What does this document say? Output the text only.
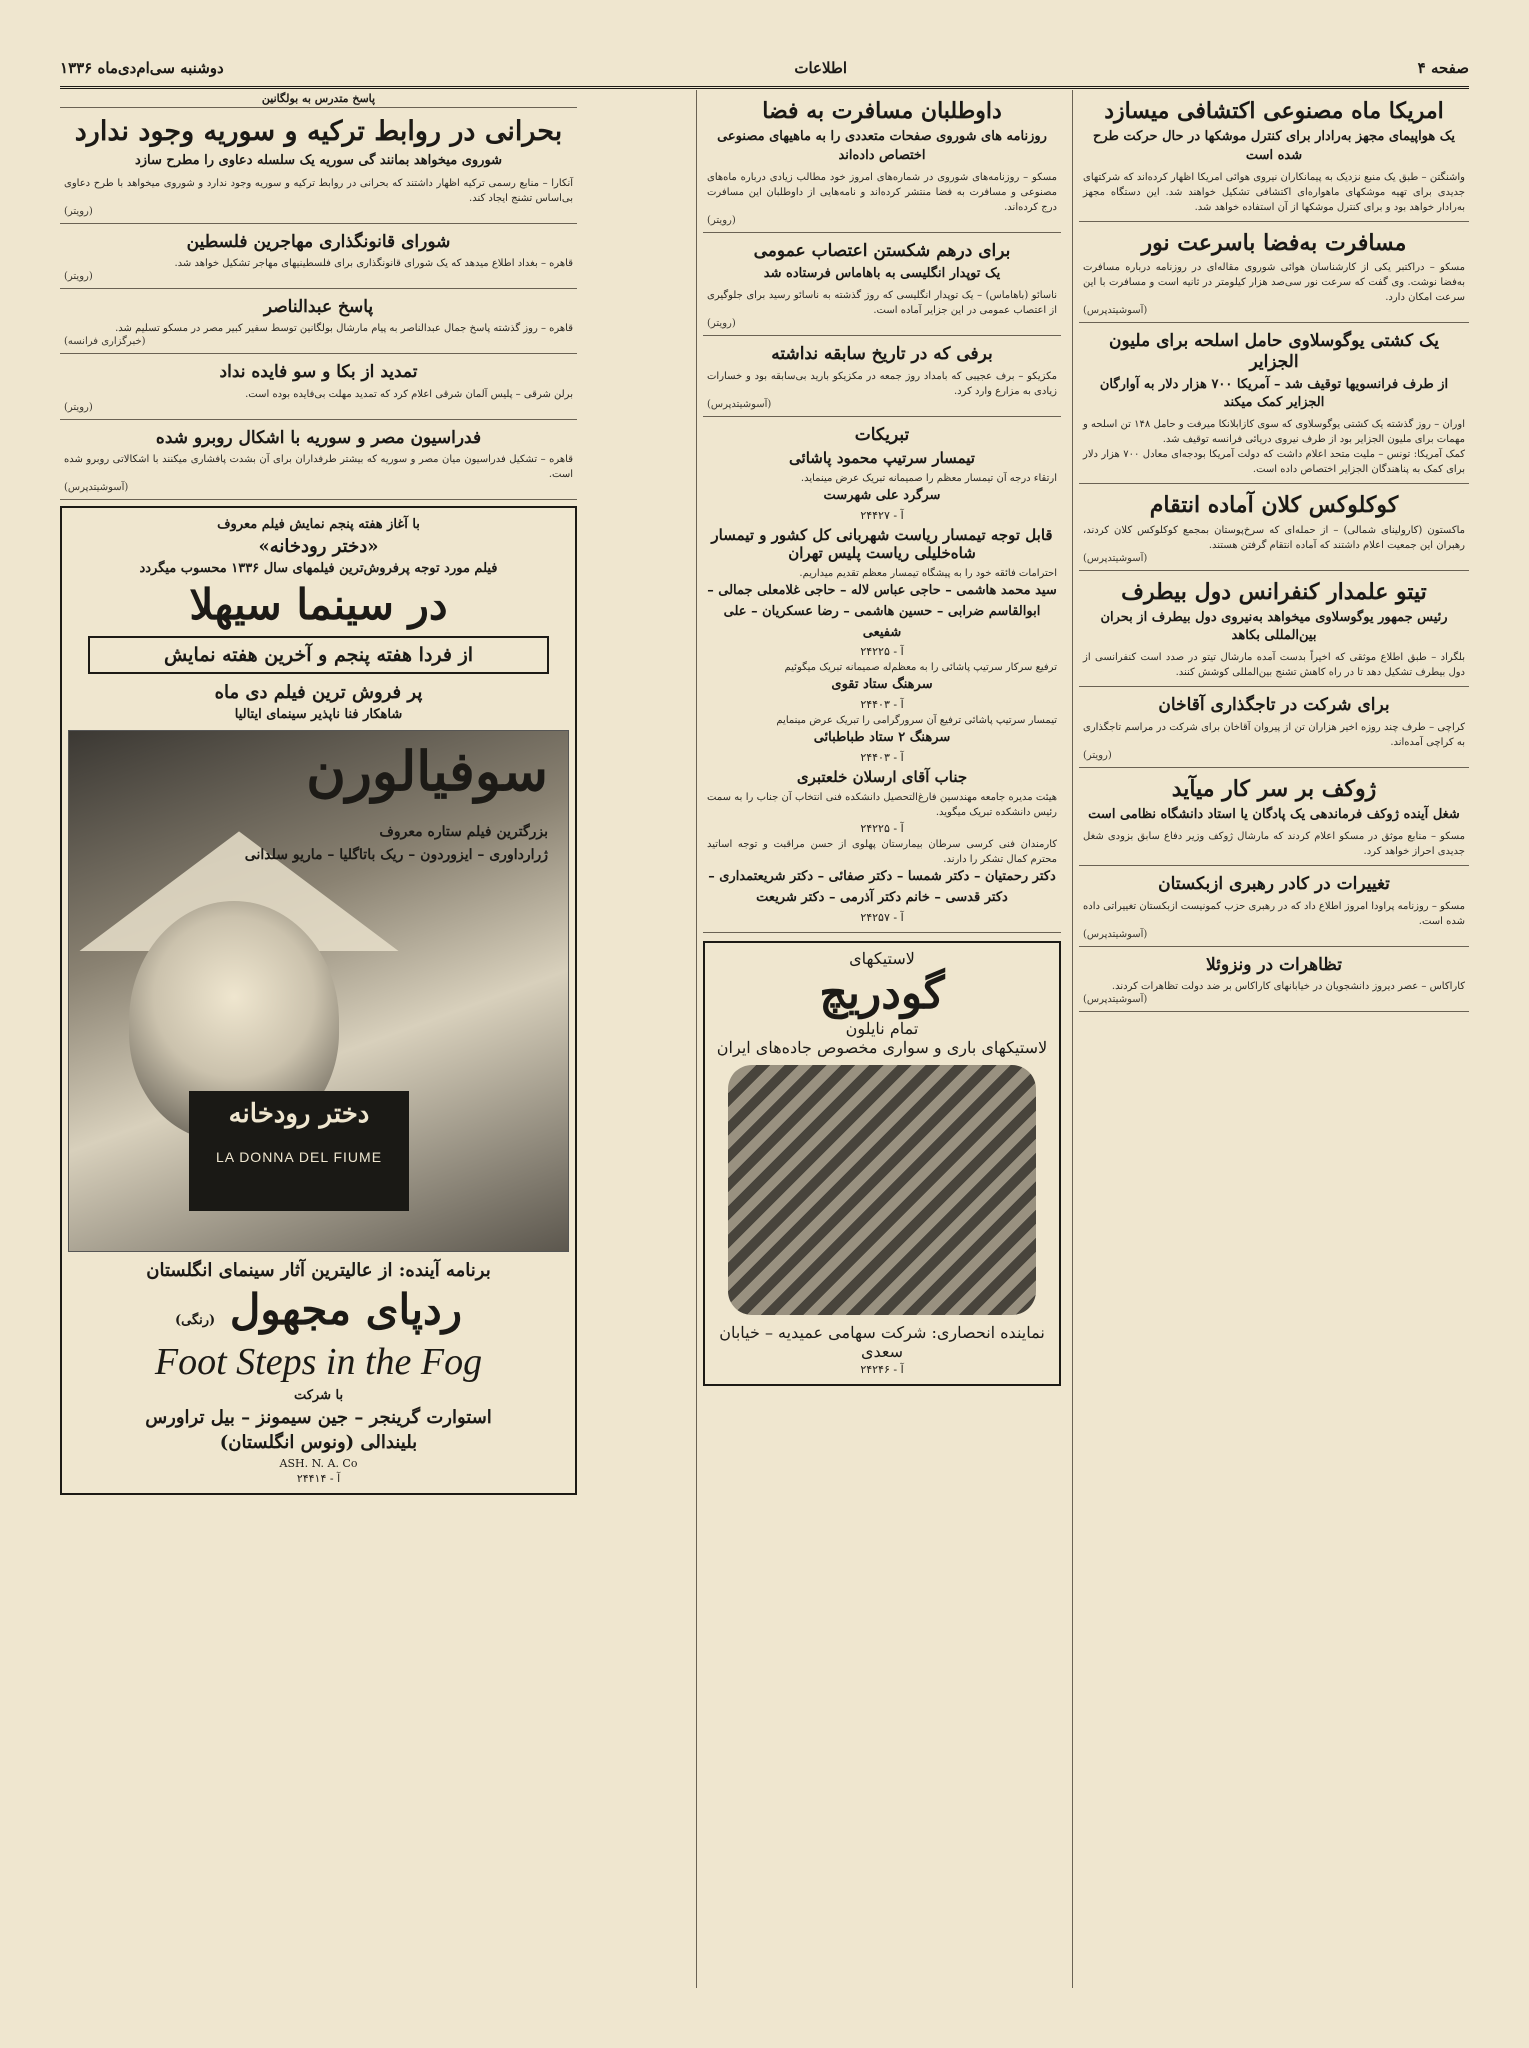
صفحه ۴
اطلاعات
دوشنبه سی‌ام‌دی‌ماه ۱۳۳۶
امریکا ماه مصنوعی اکتشافی میسازد
یک هواپیمای مجهز به‌رادار برای کنترل موشکها در حال حرکت طرح شده است
واشنگتن – طبق یک منبع نزدیک به پیمانکاران نیروی هوائی امریکا اظهار کرده‌اند که شرکتهای جدیدی برای تهیه موشکهای ماهواره‌ای اکتشافی تشکیل خواهند شد. این دستگاه مجهز به‌رادار خواهد بود و برای کنترل موشکها از آن استفاده خواهد شد.
مسافرت به‌فضا باسرعت نور
مسکو – دراکتبر یکی از کارشناسان هوائی شوروی مقاله‌ای در روزنامه درباره مسافرت به‌فضا نوشت. وی گفت که سرعت نور سی‌صد هزار کیلومتر در ثانیه است و مسافرت با این سرعت امکان دارد.
(آسوشیتدپرس)
یک کشتی یوگوسلاوی حامل اسلحه برای ملیون الجزایر
از طرف فرانسویها توقیف شد – آمریکا ۷۰۰ هزار دلار به آوارگان الجزایر کمک میکند
اوران – روز گذشته یک کشتی یوگوسلاوی که سوی کازابلانکا میرفت و حامل ۱۴۸ تن اسلحه و مهمات برای ملیون الجزایر بود از طرف نیروی دریائی فرانسه توقیف شد.
کمک آمریکا: تونس – ملیت متحد اعلام داشت که دولت آمریکا بودجه‌ای معادل ۷۰۰ هزار دلار برای کمک به پناهندگان الجزایر اختصاص داده است.
کوکلوکس کلان آماده انتقام
ماکستون (کارولینای شمالی) – از حمله‌ای که سرخ‌پوستان بمجمع کوکلوکس کلان کردند، رهبران این جمعیت اعلام داشتند که آماده انتقام گرفتن هستند.
(آسوشیتدپرس)
تیتو علمدار کنفرانس دول بیطرف
رئیس جمهور یوگوسلاوی میخواهد به‌نیروی دول بیطرف از بحران بین‌المللی بکاهد
بلگراد – طبق اطلاع موثقی که اخیراً بدست آمده مارشال تیتو در صدد است کنفرانسی از دول بیطرف تشکیل دهد تا در راه کاهش تشنج بین‌المللی کوشش کنند.
برای شرکت در تاجگذاری آقاخان
کراچی – طرف چند روزه اخیر هزاران تن از پیروان آقاخان برای شرکت در مراسم تاجگذاری به کراچی آمده‌اند.
(رویتر)
ژوکف بر سر کار میآید
شغل آینده ژوکف فرماندهی یک پادگان یا استاد دانشگاه نظامی است
مسکو – منابع موثق در مسکو اعلام کردند که مارشال ژوکف وزیر دفاع سابق بزودی شغل جدیدی احراز خواهد کرد.
تغییرات در کادر رهبری ازبکستان
مسکو – روزنامه پراودا امروز اطلاع داد که در رهبری حزب کمونیست ازبکستان تغییراتی داده شده است.
(آسوشیتدپرس)
تظاهرات در ونزوئلا
کاراکاس – عصر دیروز دانشجویان در خیابانهای کاراکاس بر ضد دولت تظاهرات کردند.
(آسوشیتدپرس)
داوطلبان مسافرت به فضا
روزنامه های شوروی صفحات متعددی را به ماهیهای مصنوعی اختصاص داده‌اند
مسکو – روزنامه‌های شوروی در شماره‌های امروز خود مطالب زیادی درباره ماه‌های مصنوعی و مسافرت به فضا منتشر کرده‌اند و نامه‌هایی از داوطلبان این مسافرت درج کرده‌اند.
(رویتر)
برای درهم شکستن اعتصاب عمومی
یک توپدار انگلیسی به باهاماس فرستاده شد
ناسائو (باهاماس) – یک توپدار انگلیسی که روز گذشته به ناسائو رسید برای جلوگیری از اعتصاب عمومی در این جزایر آماده است.
(رویتر)
برفی که در تاریخ سابقه نداشته
مکزیکو – برف عجیبی که بامداد روز جمعه در مکزیکو بارید بی‌سابقه بود و خسارات زیادی به مزارع وارد کرد.
(آسوشیتدپرس)
تبریکات
تیمسار سرتیپ محمود پاشائی
ارتقاء درجه آن تیمسار معظم را صمیمانه تبریک عرض مینماید.
سرگرد علی شهرست
۲۴۴۲۷ - آ
قابل توجه تیمسار ریاست شهربانی کل کشور و تیمسار شاه‌خلیلی ریاست پلیس تهران
احترامات فائقه خود را به پیشگاه تیمسار معظم تقدیم میداریم.
سید محمد هاشمی – حاجی عباس لاله – حاجی غلامعلی جمالی – ابوالقاسم ضرابی – حسین هاشمی – رضا عسکریان – علی شفیعی
۲۴۲۲۵ - آ
ترفیع سرکار سرتیپ پاشائی را به معظم‌له صمیمانه تبریک میگوئیم
سرهنگ ستاد تقوی
۲۴۴۰۳ - آ
تیمسار سرتیپ پاشائی ترفیع آن سرورگرامی را تبریک عرض مینمایم
سرهنگ ۲ ستاد طباطبائی
۲۴۴۰۳ - آ
جناب آقای ارسلان خلعتبری
هیئت مدیره جامعه مهندسین فارغ‌التحصیل دانشکده فنی انتخاب آن جناب را به سمت رئیس دانشکده تبریک میگوید.
۲۴۲۲۵ - آ
کارمندان فنی کرسی سرطان بیمارستان پهلوی از حسن مراقبت و توجه اساتید محترم کمال تشکر را دارند.
دکتر رحمتیان – دکتر شمسا – دکتر صفائی – دکتر شریعتمداری – دکتر قدسی – خانم دکتر آذرمی – دکتر شریعت
۲۴۲۵۷ - آ
لاستیکهای
گودریچ
تمام نایلون
لاستیکهای باری و سواری مخصوص جاده‌های ایران
نماینده انحصاری: شرکت سهامی عمیدیه – خیابان سعدی
۲۴۲۴۶ - آ
پاسخ متدرس به بولگانین
بحرانی در روابط ترکیه و سوریه وجود ندارد
شوروی میخواهد بمانند گی سوریه یک سلسله دعاوی را مطرح سازد
آنکارا – منابع رسمی ترکیه اظهار داشتند که بحرانی در روابط ترکیه و سوریه وجود ندارد و شوروی میخواهد با طرح دعاوی بی‌اساس تشنج ایجاد کند.
(رویتر)
شورای قانونگذاری مهاجرین فلسطین
قاهره – بغداد اطلاع میدهد که یک شورای قانونگذاری برای فلسطینیهای مهاجر تشکیل خواهد شد.
(رویتر)
پاسخ عبدالناصر
قاهره – روز گذشته پاسخ جمال عبدالناصر به پیام مارشال بولگانین توسط سفیر کبیر مصر در مسکو تسلیم شد.
(خبرگزاری فرانسه)
تمدید از بکا و سو فایده نداد
برلن شرقی – پلیس آلمان شرقی اعلام کرد که تمدید مهلت بی‌فایده بوده است.
(رویتر)
فدراسیون مصر و سوریه با اشکال روبرو شده
قاهره – تشکیل فدراسیون میان مصر و سوریه که بیشتر طرفداران برای آن بشدت پافشاری میکنند با اشکالاتی روبرو شده است.
(آسوشیتدپرس)
با آغاز هفته پنجم نمایش فیلم معروف
«دختر رودخانه»
فیلم مورد توجه پرفروش‌ترین فیلمهای سال ۱۳۳۶ محسوب میگردد
در سینما سیهلا
از فردا هفته پنجم و آخرین هفته نمایش
پر فروش ترین فیلم دی ماه
شاهکار فنا ناپذیر سینمای ایتالیا
سوفیالورن
بزرگترین فیلم ستاره معروف
ژرارداوری – ایزوردون – ریک باتاگلیا – ماریو سلدانی
دختر رودخانه
LA DONNA DEL FIUME
برنامه آینده: از عالیترین آثار سینمای انگلستان
ردپای مجهول (رنگی)
Foot Steps in the Fog
با شرکت
استوارت گرینجر – جین سیمونز – بیل تراورس
بلیندالی (ونوس انگلستان)
ASH. N. A. Co
۲۴۴۱۴ - آ
